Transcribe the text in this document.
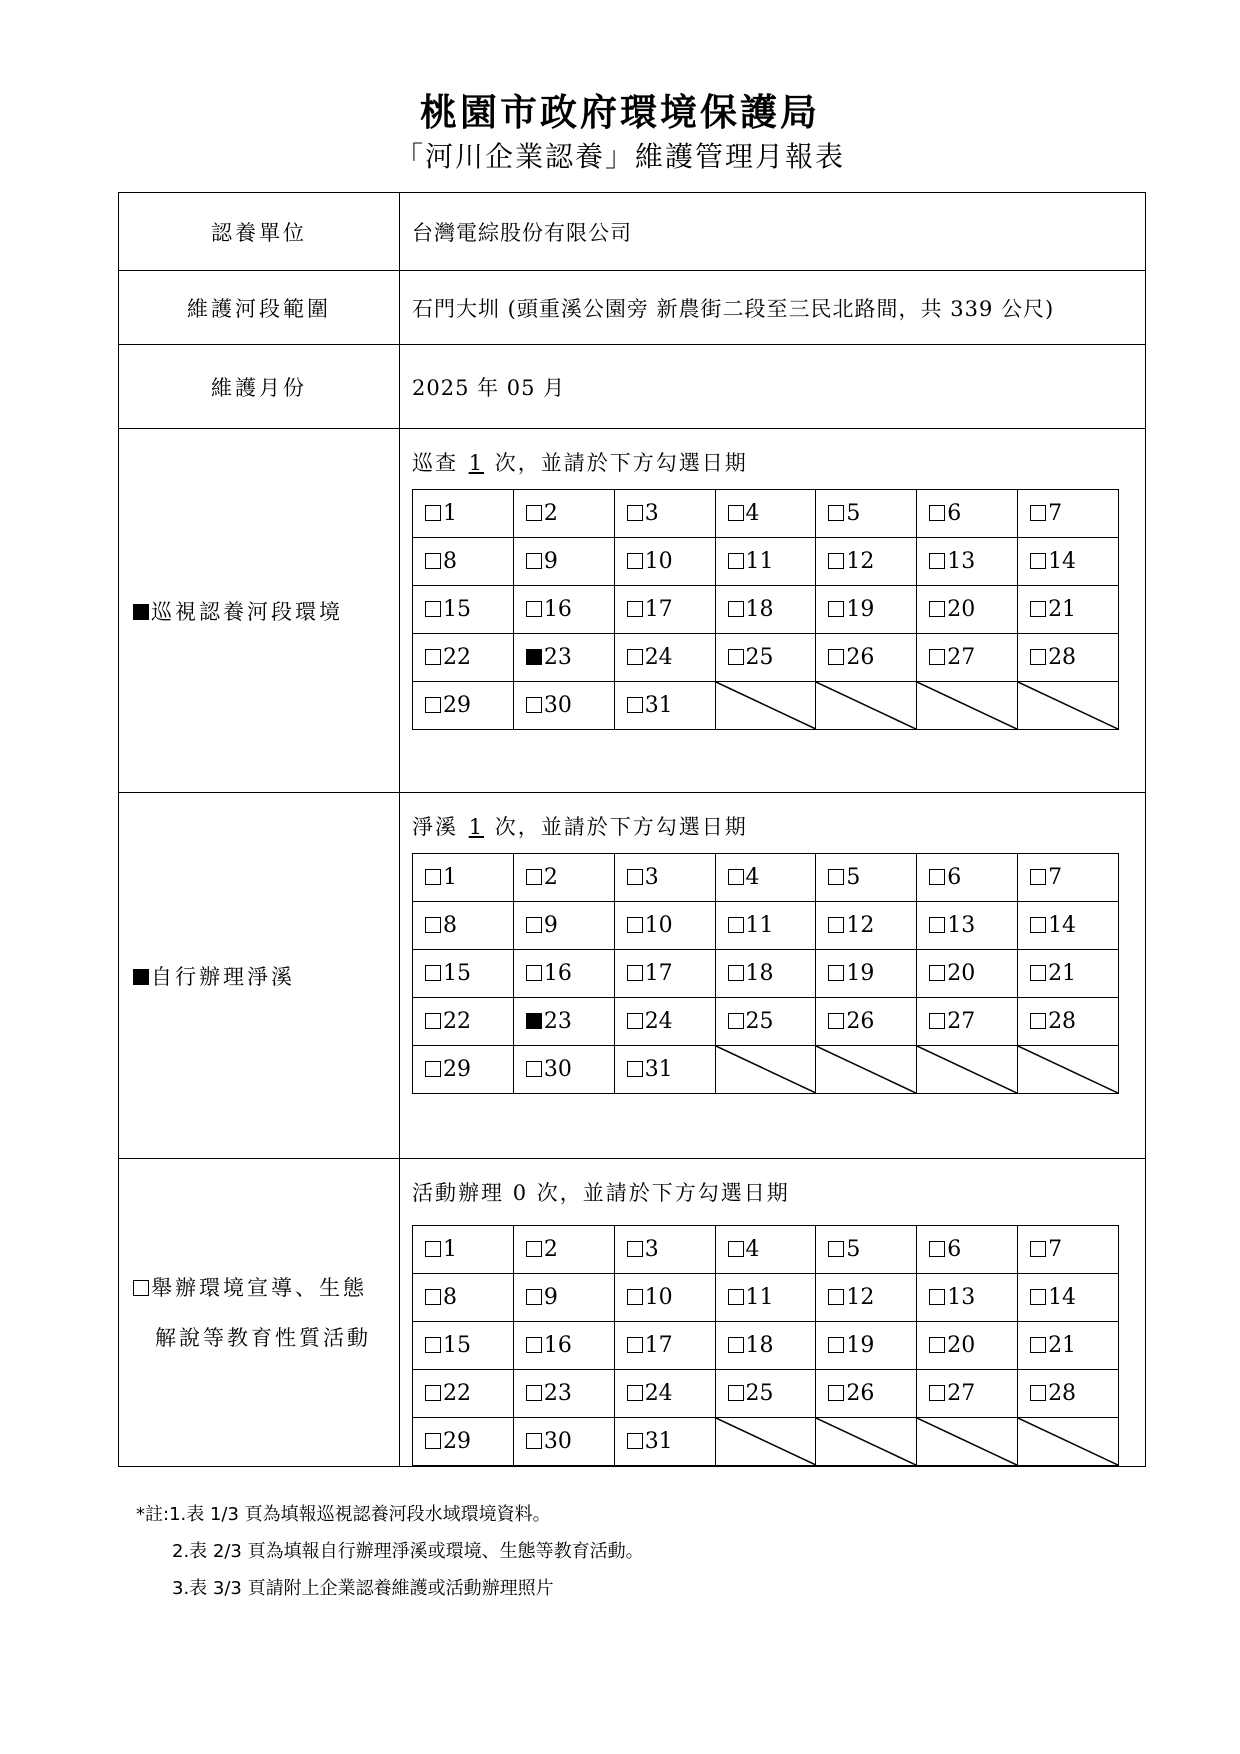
桃園市政府環境保護局
「河川企業認養」維護管理月報表
認養單位	台灣電綜股份有限公司
維護河段範圍	石門大圳 (頭重溪公園旁 新農街二段至三民北路間，共 339 公尺)
維護月份	2025 年 05 月
巡視認養河段環境	
巡查 1 次，並請於下方勾選日期
1	2	3	4	5	6	7
8	9	10	11	12	13	14
15	16	17	18	19	20	21
22	23	24	25	26	27	28
29	30	31	

自行辦理淨溪	
淨溪 1 次，並請於下方勾選日期
1	2	3	4	5	6	7
8	9	10	11	12	13	14
15	16	17	18	19	20	21
22	23	24	25	26	27	28
29	30	31	

舉辦環境宣導、生態
解說等教育性質活動	
活動辦理 0 次，並請於下方勾選日期
1	2	3	4	5	6	7
8	9	10	11	12	13	14
15	16	17	18	19	20	21
22	23	24	25	26	27	28
29	30	31	

*註:1.表 1/3 頁為填報巡視認養河段水域環境資料。
2.表 2/3 頁為填報自行辦理淨溪或環境、生態等教育活動。
3.表 3/3 頁請附上企業認養維護或活動辦理照片
